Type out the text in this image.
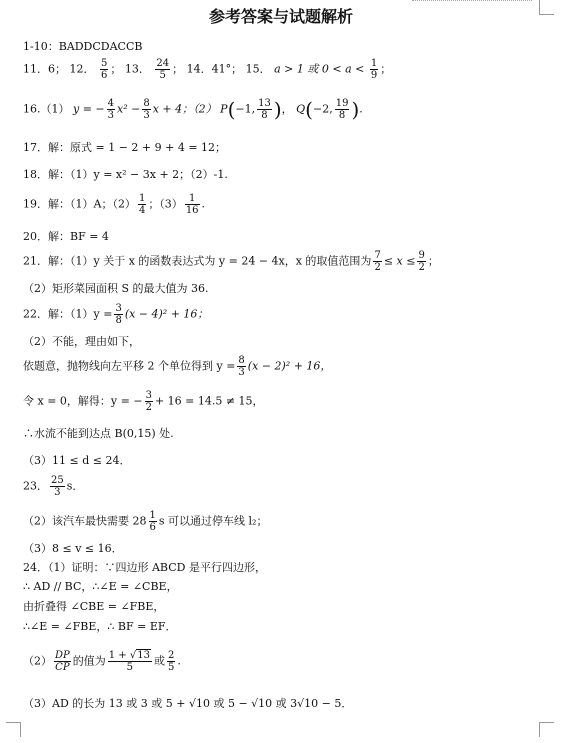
参考答案与试题解析
1-10：BADDCDACCB
11．6； 12． $\frac{5}{6}$ ； 13． $\frac{24}{5}$ ； 14．41°； 15． a > 1 或 $0 < a < \frac{1}{9}$ ；
16.（1） y = − $\frac{4}{3} x^2 - \frac{8}{3}$ x + 4；（2） P(−1, $\frac{13}{8}$ )， Q(−2, $\frac{19}{8}$ ).
17．解：原式 = 1 − 2 + 9 + 4 = 12；
18．解：（1）y = x² − 3x + 2；（2）-1.
19．解：（1）A；$(2) \frac{1}{4}$ ；$(3) \frac{1}{16}$ .
20．解：BF = 4
21．解：（1）y 关于 x 的函数表达式为 y = 24 − 4x，x 的取值范围为 $\frac{7}{2} \le x \le \frac{9}{2}$ ；
（2）矩形菜园面积 S 的最大值为 36.
22．解：$(1)y = \frac{3}{8} (x - 4)^2 + 16$；
（2）不能，理由如下，
依题意，抛物线向左平移 2 个单位得到 $y = \frac{8}{3} (x - 2)^2 + 16$，
令 x = 0，解得：y = − $\frac{3}{2} + 16 = 14.5 \ne 15$，
∴水流不能到达点 B(0,15) 处.
（3）11 ≤ d ≤ 24．
23． $\frac{25}{3}$ s．
（2）该汽车最快需要 $28 \frac{1}{6}$ s 可以通过停车线 l₂；
（3）8 ≤ v ≤ 16．
24．（1）证明：∵四边形 ABCD 是平行四边形，
∴ AD // BC，∴∠E = ∠CBE，
由折叠得 ∠CBE = ∠FBE，
∴∠E = ∠FBE，∴ BF = EF．
$(2) \frac{DP}{CP}$ 的值为 $\frac{1 + √13}{5}$ 或 $\frac{2}{5}$ .
（3）AD 的长为 13 或 3 或 5 + √10 或 5 − √10 或 3√10 − 5．
